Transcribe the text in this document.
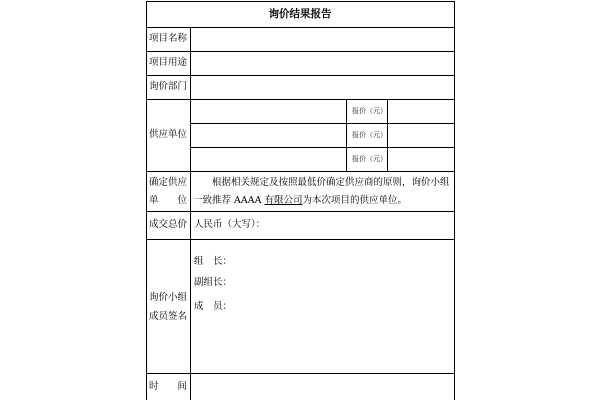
询价结果报告
项目名称
项目用途
询价部门
供应单位
确定供应
单　　位
成交总价
询价小组
成员签名
时　　间
报价（元）
报价（元）
报价（元）
根据相关规定及按照最低价确定供应商的原则，询价小组
一致推荐 AAAA 有限公司为本次项目的供应单位。
人民币（大写）：
组　长：
副组长：
成　员：
